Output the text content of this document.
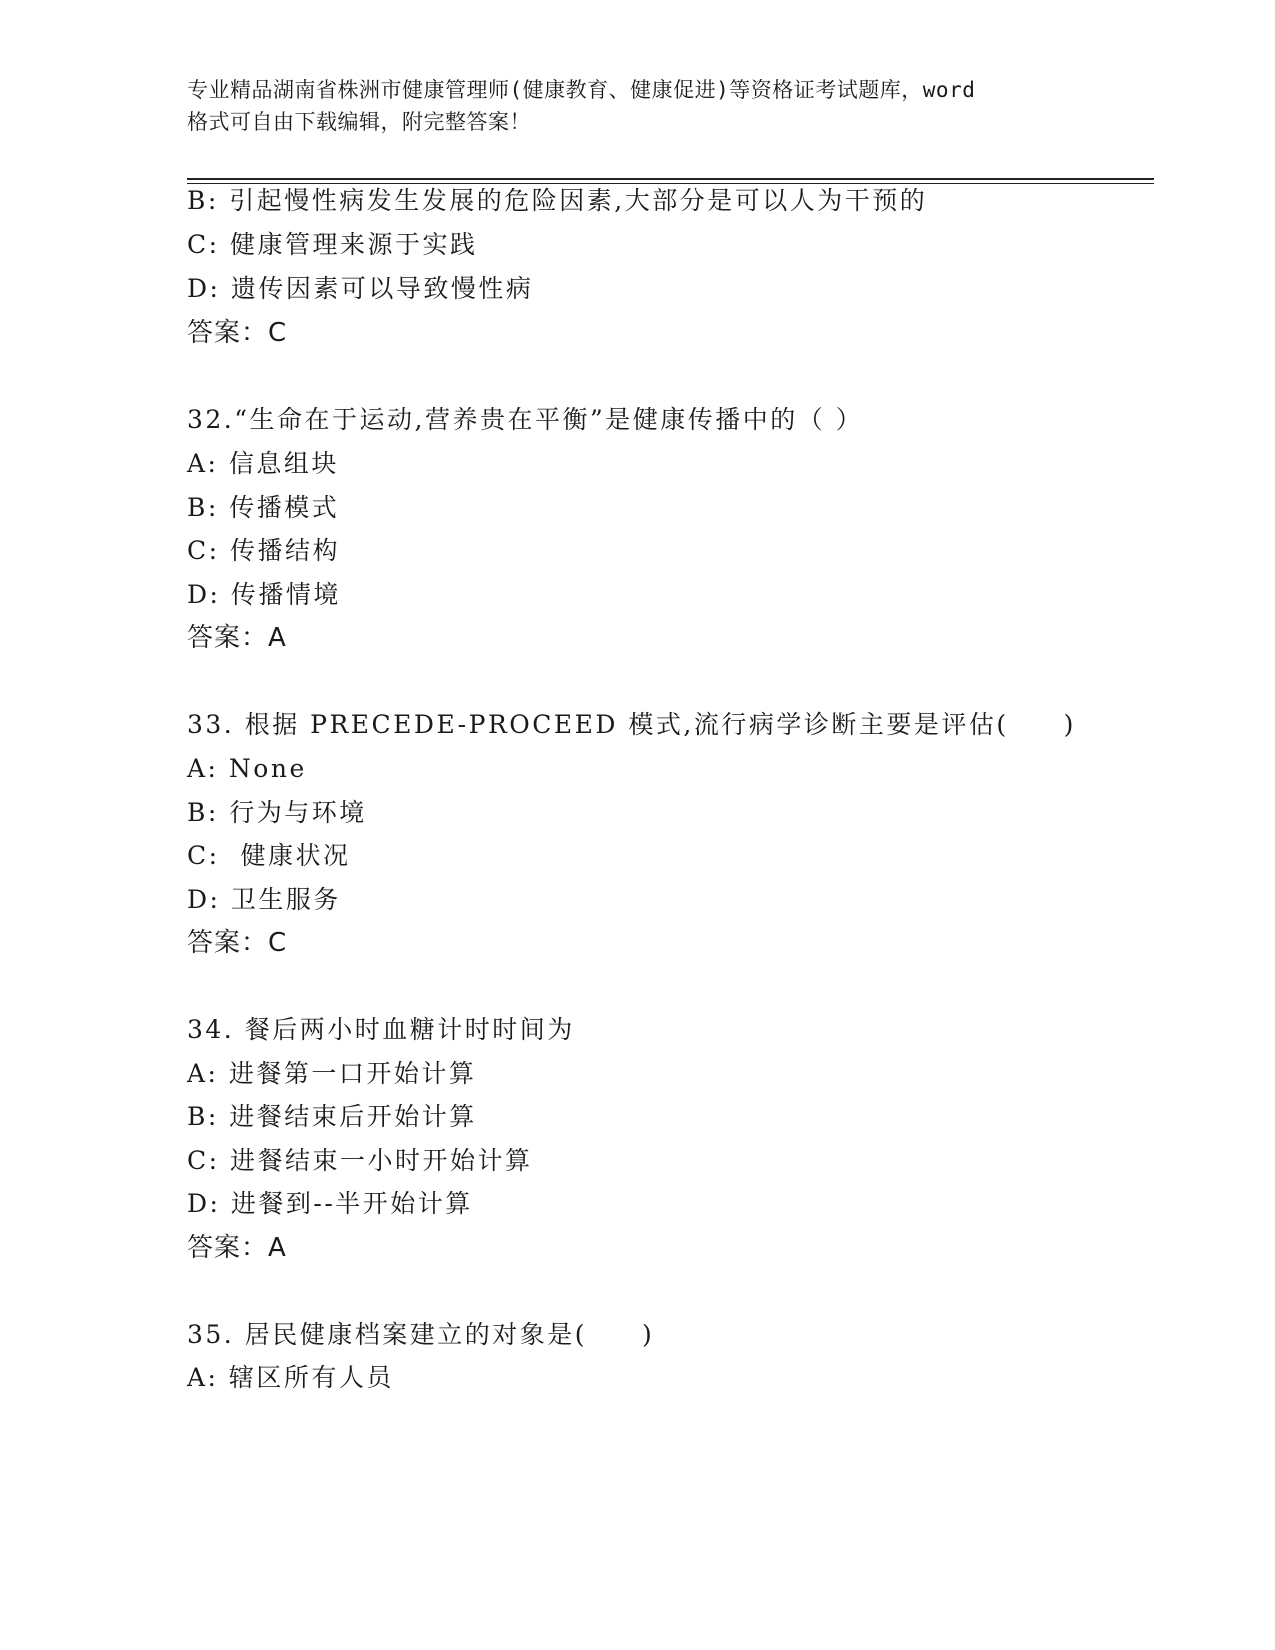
专业精品湖南省株洲市健康管理师(健康教育、健康促进)等资格证考试题库，word
格式可自由下载编辑，附完整答案！
B: 引起慢性病发生发展的危险因素,大部分是可以人为干预的
C: 健康管理来源于实践
D: 遗传因素可以导致慢性病
答案：C
32.“生命在于运动,营养贵在平衡”是健康传播中的（ ）
A: 信息组块
B: 传播模式
C: 传播结构
D: 传播情境
答案：A
33. 根据 PRECEDE-PROCEED 模式,流行病学诊断主要是评估(　　)
A: None
B: 行为与环境
C:  健康状况
D: 卫生服务
答案：C
34. 餐后两小时血糖计时时间为
A: 进餐第一口开始计算
B: 进餐结束后开始计算
C: 进餐结束一小时开始计算
D: 进餐到--半开始计算
答案：A
35. 居民健康档案建立的对象是(　　)
A: 辖区所有人员
